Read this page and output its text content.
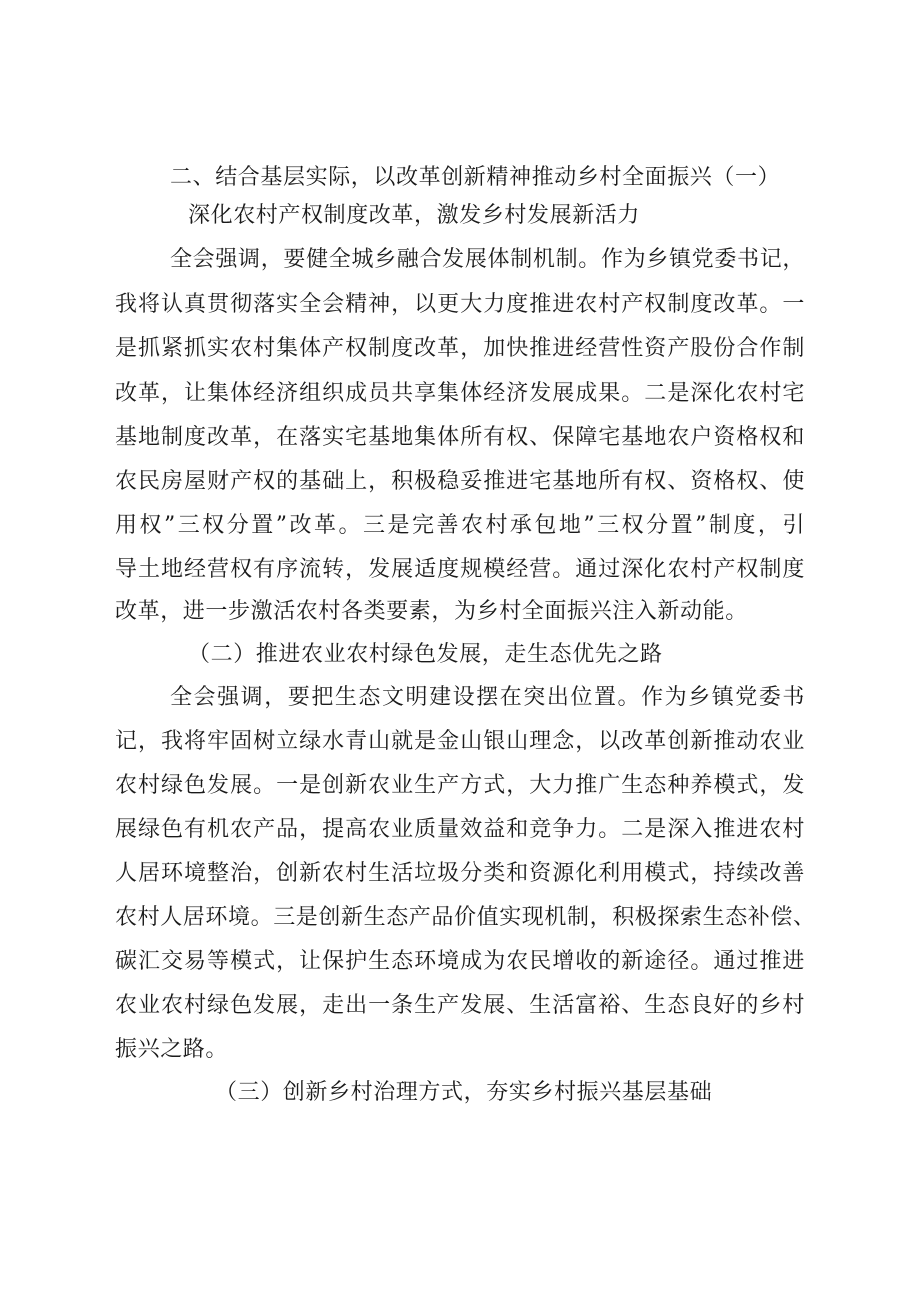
二、结合基层实际，以改革创新精神推动乡村全面振兴（一）
深化农村产权制度改革，激发乡村发展新活力
全会强调，要健全城乡融合发展体制机制。作为乡镇党委书记，
我将认真贯彻落实全会精神，以更大力度推进农村产权制度改革。一
是抓紧抓实农村集体产权制度改革，加快推进经营性资产股份合作制
改革，让集体经济组织成员共享集体经济发展成果。二是深化农村宅
基地制度改革，在落实宅基地集体所有权、保障宅基地农户资格权和
农民房屋财产权的基础上，积极稳妥推进宅基地所有权、资格权、使
用权”三权分置”改革。三是完善农村承包地”三权分置”制度，引
导土地经营权有序流转，发展适度规模经营。通过深化农村产权制度
改革，进一步激活农村各类要素，为乡村全面振兴注入新动能。
（二）推进农业农村绿色发展，走生态优先之路
全会强调，要把生态文明建设摆在突出位置。作为乡镇党委书
记，我将牢固树立绿水青山就是金山银山理念，以改革创新推动农业
农村绿色发展。一是创新农业生产方式，大力推广生态种养模式，发
展绿色有机农产品，提高农业质量效益和竞争力。二是深入推进农村
人居环境整治，创新农村生活垃圾分类和资源化利用模式，持续改善
农村人居环境。三是创新生态产品价值实现机制，积极探索生态补偿、
碳汇交易等模式，让保护生态环境成为农民增收的新途径。通过推进
农业农村绿色发展，走出一条生产发展、生活富裕、生态良好的乡村
振兴之路。
（三）创新乡村治理方式，夯实乡村振兴基层基础
